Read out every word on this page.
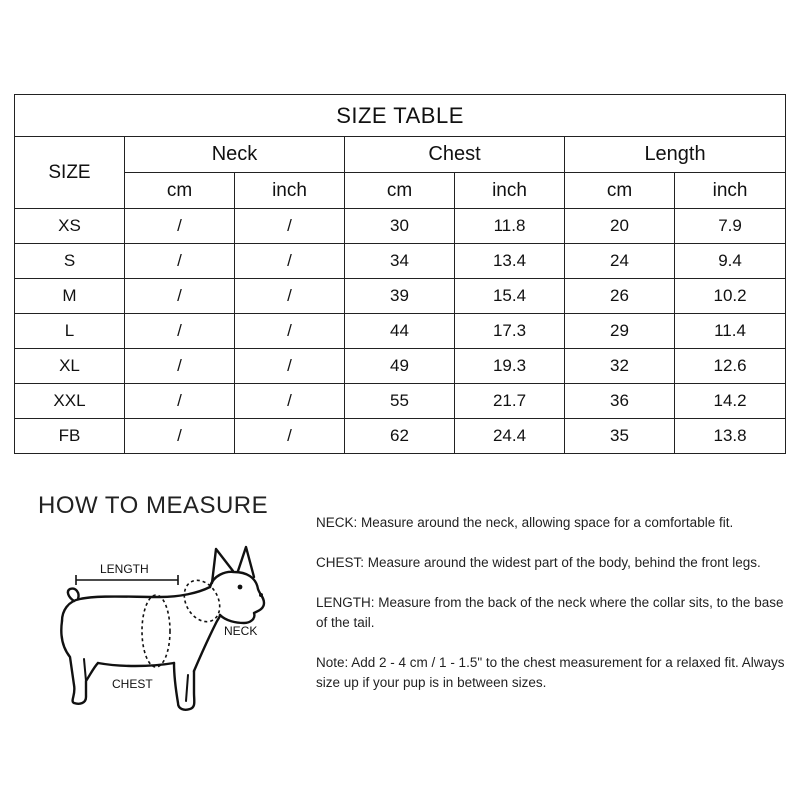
SIZE TABLE						
SIZE	Neck		Chest		Length	
	cm	inch	cm	inch	cm	inch
XS	/	/	30	11.8	20	7.9
S	/	/	34	13.4	24	9.4
M	/	/	39	15.4	26	10.2
L	/	/	44	17.3	29	11.4
XL	/	/	49	19.3	32	12.6
XXL	/	/	55	21.7	36	14.2
FB	/	/	62	24.4	35	13.8
HOW TO MEASURE
LENGTH
NECK
CHEST

NECK: Measure around the neck, allowing space for a comfortable fit.

CHEST: Measure around the widest part of the body, behind the front legs.

LENGTH: Measure from the back of the neck where the collar sits, to the base of the tail.

Note: Add 2 - 4 cm / 1 - 1.5" to the chest measurement for a relaxed fit. Always size up if your pup is in between sizes.
